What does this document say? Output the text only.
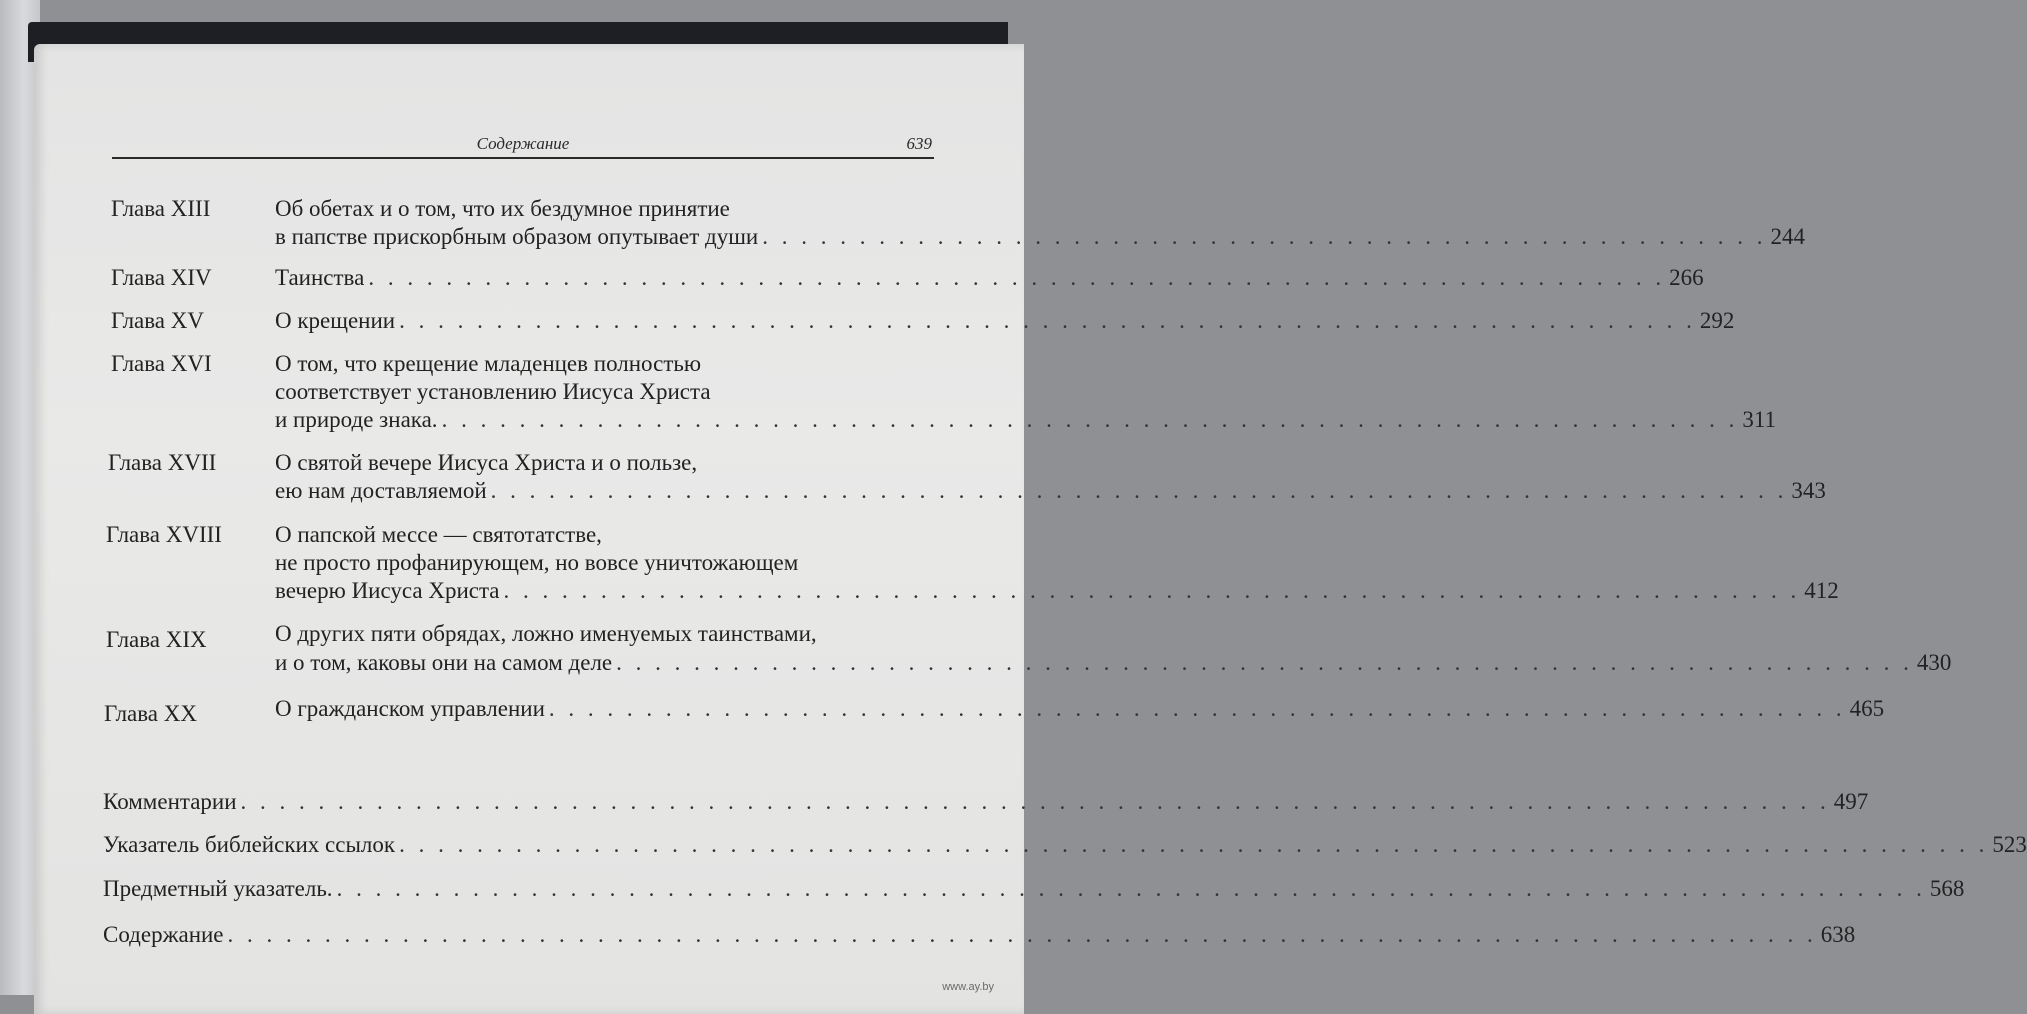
Содержание	639
Глава XIII	Об обетах и о том, что их бездумное принятие
в папстве прискорбным образом опутывает души . . . . . . . . . . . . . . . . . . . . . . . . . . . . . . . . . . . . . . . . . . . . . . . . . . . . 244
Глава XIV	Таинства . . . . . . . . . . . . . . . . . . . . . . . . . . . . . . . . . . . . . . . . . . . . . . . . . . . . . . . . . . . . . . . . . . . 266
Глава XV	О крещении . . . . . . . . . . . . . . . . . . . . . . . . . . . . . . . . . . . . . . . . . . . . . . . . . . . . . . . . . . . . . . . . . . . 292
Глава XVI	О том, что крещение младенцев полностью
соответствует установлению Иисуса Христа
и природе знака. . . . . . . . . . . . . . . . . . . . . . . . . . . . . . . . . . . . . . . . . . . . . . . . . . . . . . . . . . . . . . . . . . . . 311
Глава XVII	О святой вечере Иисуса Христа и о пользе,
ею нам доставляемой . . . . . . . . . . . . . . . . . . . . . . . . . . . . . . . . . . . . . . . . . . . . . . . . . . . . . . . . . . . . . . . . . . . 343
Глава XVIII О папской мессе — святотатстве,
не просто профанирующем, но вовсе уничтожающем
вечерю Иисуса Христа . . . . . . . . . . . . . . . . . . . . . . . . . . . . . . . . . . . . . . . . . . . . . . . . . . . . . . . . . . . . . . . . . . . 412
Глава XIX	О других пяти обрядах, ложно именуемых таинствами,
и о том, каковы они на самом деле . . . . . . . . . . . . . . . . . . . . . . . . . . . . . . . . . . . . . . . . . . . . . . . . . . . . . . . . . . . . . . . . . . . 430
Глава XX	О гражданском управлении . . . . . . . . . . . . . . . . . . . . . . . . . . . . . . . . . . . . . . . . . . . . . . . . . . . . . . . . . . . . . . . . . . . 465
Комментарии . . . . . . . . . . . . . . . . . . . . . . . . . . . . . . . . . . . . . . . . . . . . . . . . . . . . . . . . . . . . . . . . . . . . . . . . . . . . . . . . . . 497
Указатель библейских ссылок . . . . . . . . . . . . . . . . . . . . . . . . . . . . . . . . . . . . . . . . . . . . . . . . . . . . . . . . . . . . . . . . . . . . . . . . . . . . . . . . . . 523
Предметный указатель. . . . . . . . . . . . . . . . . . . . . . . . . . . . . . . . . . . . . . . . . . . . . . . . . . . . . . . . . . . . . . . . . . . . . . . . . . . . . . . . . . . 568
Содержание . . . . . . . . . . . . . . . . . . . . . . . . . . . . . . . . . . . . . . . . . . . . . . . . . . . . . . . . . . . . . . . . . . . . . . . . . . . . . . . . . . 638
www.ay.by
